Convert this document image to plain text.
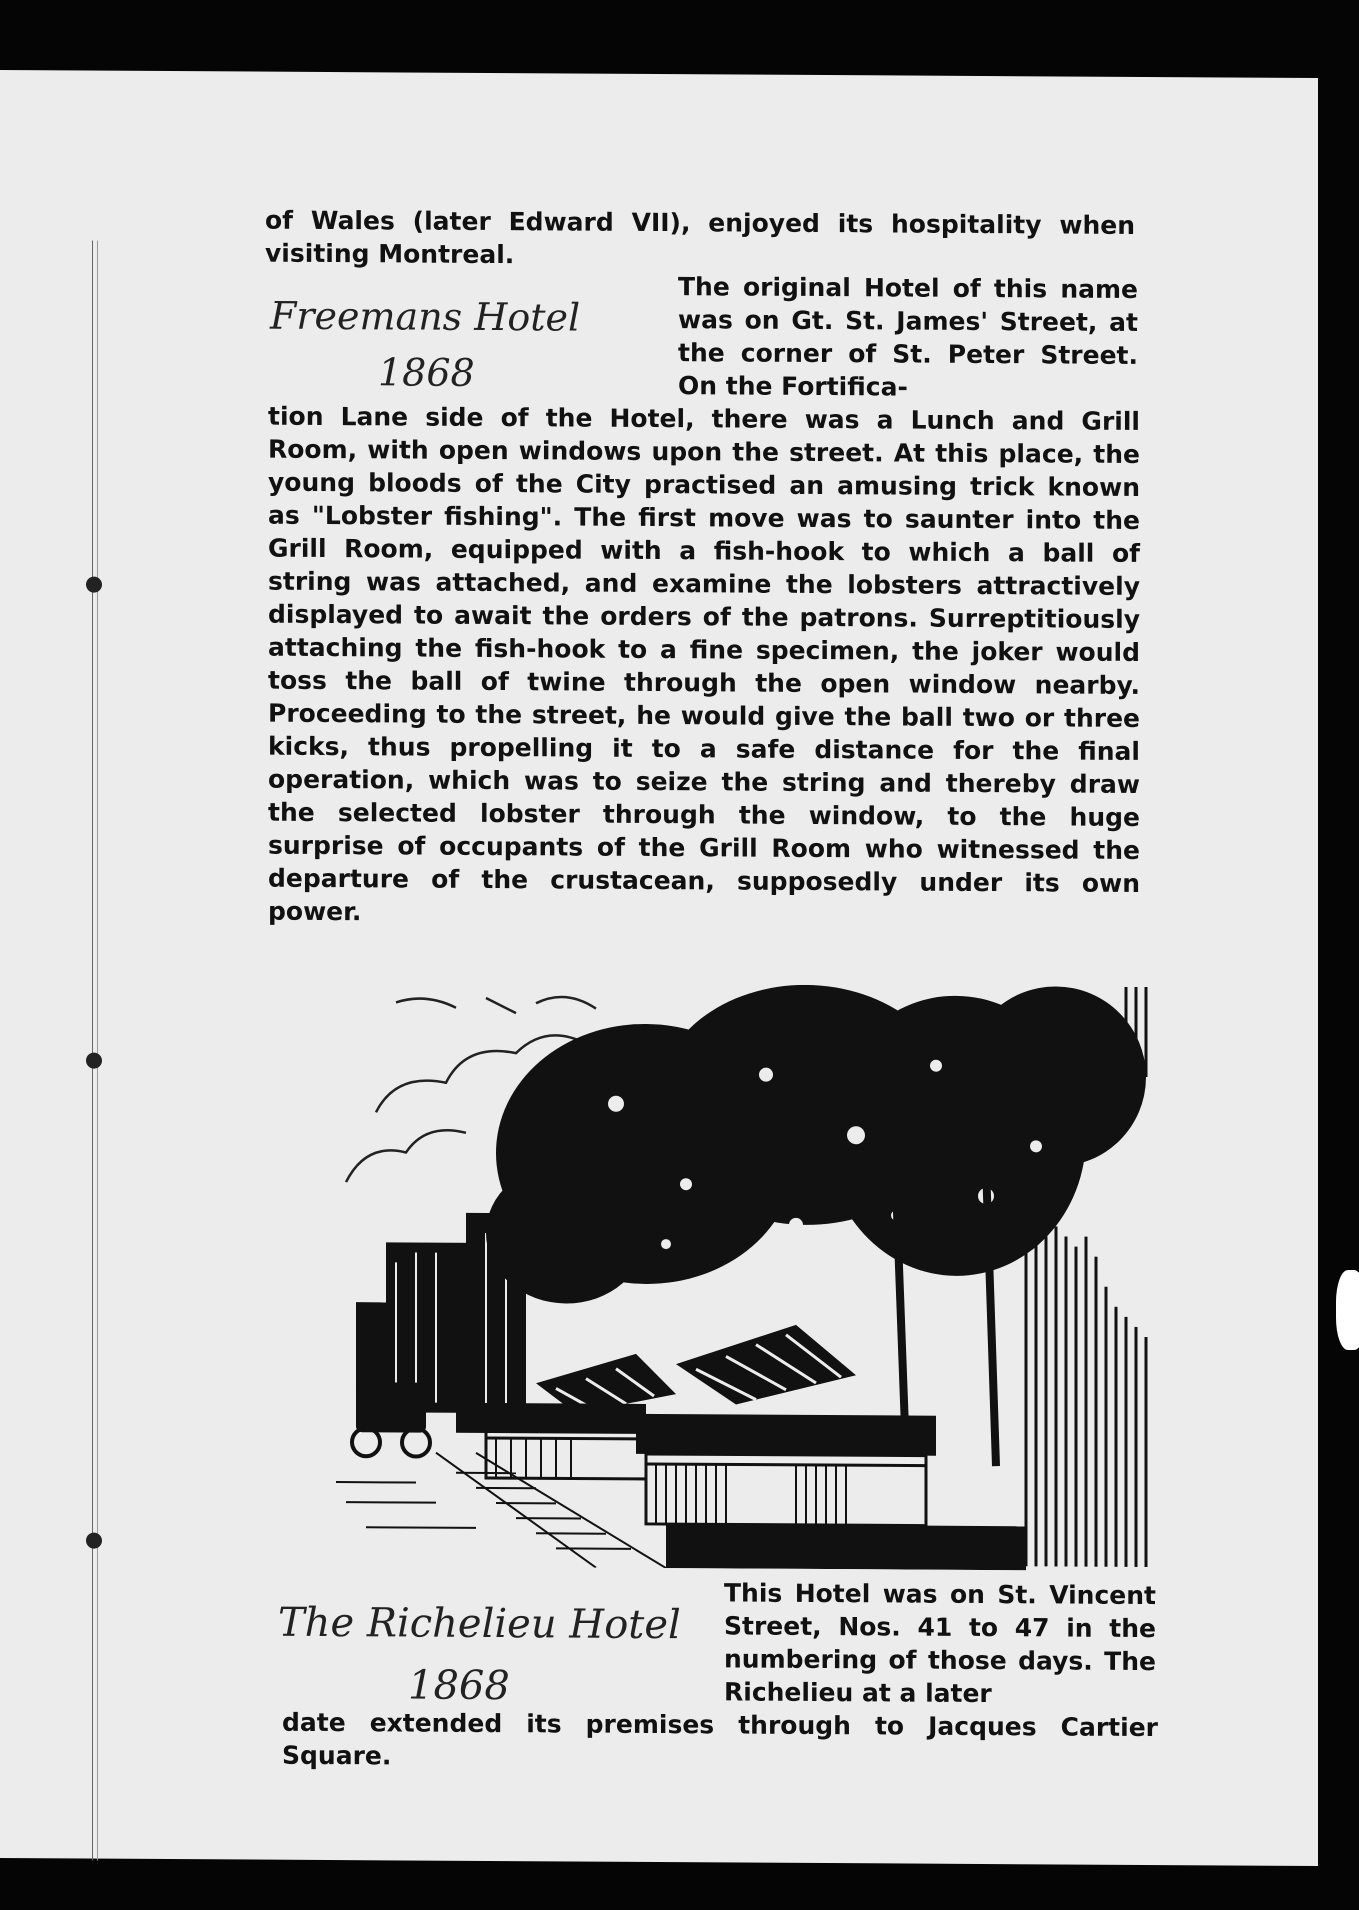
of Wales (later Edward VII), enjoyed its hospitality when visiting Montreal.

Freemans Hotel
1868

The original Hotel of this name was on Gt. St. James' Street, at the corner of St. Peter Street. On the Fortifica-

tion Lane side of the Hotel, there was a Lunch and Grill Room, with open windows upon the street. At this place, the young bloods of the City practised an amusing trick known as "Lobster fishing". The first move was to saunter into the Grill Room, equipped with a fish-hook to which a ball of string was attached, and examine the lobsters attractively displayed to await the orders of the patrons. Surreptitiously attaching the fish-hook to a fine specimen, the joker would toss the ball of twine through the open window nearby. Proceeding to the street, he would give the ball two or three kicks, thus propelling it to a safe distance for the final operation, which was to seize the string and thereby draw the selected lobster through the window, to the huge surprise of occupants of the Grill Room who witnessed the departure of the crustacean, supposedly under its own power.

The Richelieu Hotel
1868

This Hotel was on St. Vincent Street, Nos. 41 to 47 in the numbering of those days. The Richelieu at a later

date extended its premises through to Jacques Cartier Square.
